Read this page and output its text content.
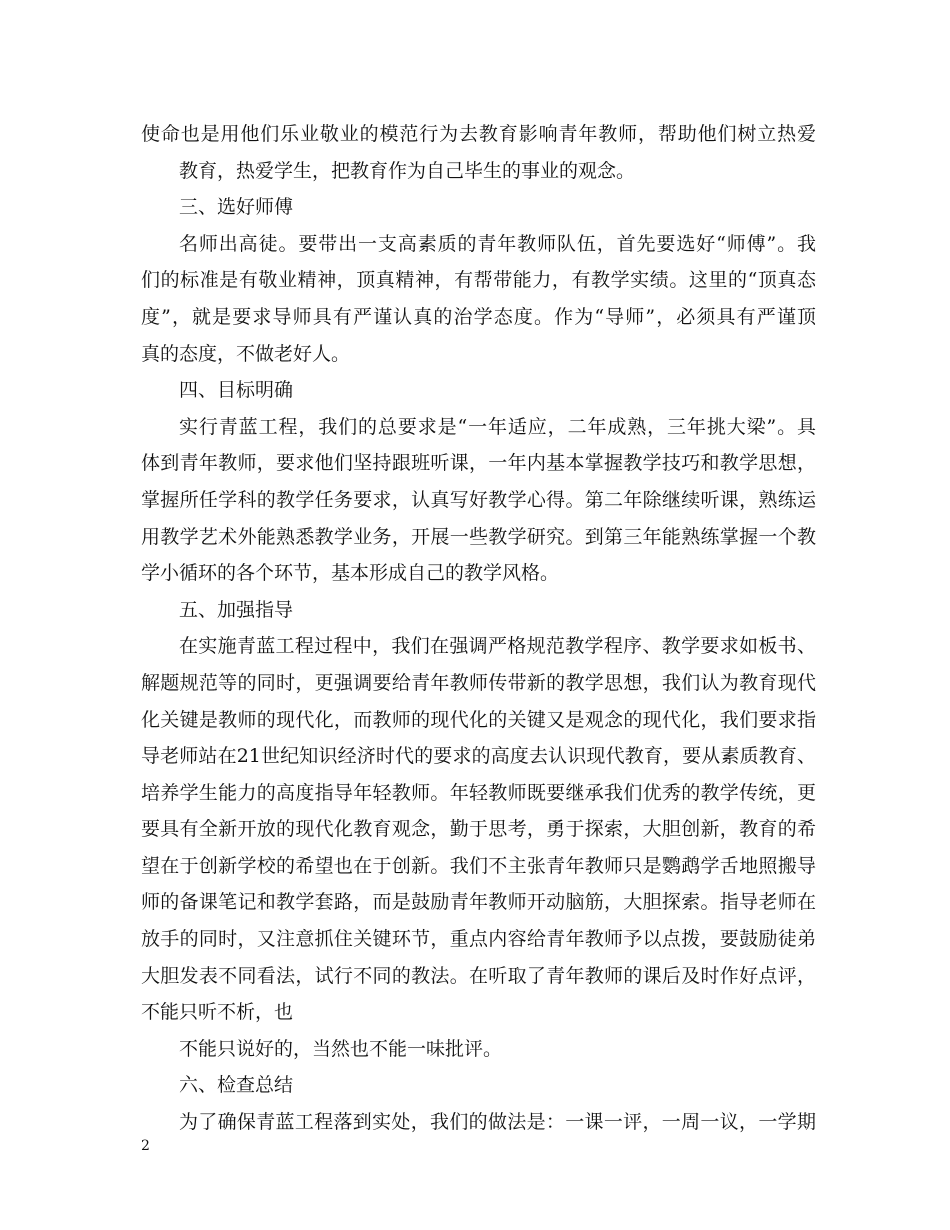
使命也是用他们乐业敬业的模范行为去教育影响青年教师，帮助他们树立热爱
教育，热爱学生，把教育作为自己毕生的事业的观念。
三、选好师傅
名师出高徒。要带出一支高素质的青年教师队伍，首先要选好“师傅”。我
们的标准是有敬业精神，顶真精神，有帮带能力，有教学实绩。这里的“顶真态
度”，就是要求导师具有严谨认真的治学态度。作为“导师”，必须具有严谨顶
真的态度，不做老好人。
四、目标明确
实行青蓝工程，我们的总要求是“一年适应，二年成熟，三年挑大梁”。具
体到青年教师，要求他们坚持跟班听课，一年内基本掌握教学技巧和教学思想，
掌握所任学科的教学任务要求，认真写好教学心得。第二年除继续听课，熟练运
用教学艺术外能熟悉教学业务，开展一些教学研究。到第三年能熟练掌握一个教
学小循环的各个环节，基本形成自己的教学风格。
五、加强指导
在实施青蓝工程过程中，我们在强调严格规范教学程序、教学要求如板书、
解题规范等的同时，更强调要给青年教师传带新的教学思想，我们认为教育现代
化关键是教师的现代化，而教师的现代化的关键又是观念的现代化，我们要求指
导老师站在21世纪知识经济时代的要求的高度去认识现代教育，要从素质教育、
培养学生能力的高度指导年轻教师。年轻教师既要继承我们优秀的教学传统，更
要具有全新开放的现代化教育观念，勤于思考，勇于探索，大胆创新，教育的希
望在于创新学校的希望也在于创新。我们不主张青年教师只是鹦鹉学舌地照搬导
师的备课笔记和教学套路，而是鼓励青年教师开动脑筋，大胆探索。指导老师在
放手的同时，又注意抓住关键环节，重点内容给青年教师予以点拨，要鼓励徒弟
大胆发表不同看法，试行不同的教法。在听取了青年教师的课后及时作好点评，
不能只听不析，也
不能只说好的，当然也不能一味批评。
六、检查总结
为了确保青蓝工程落到实处，我们的做法是：一课一评，一周一议，一学期
2
